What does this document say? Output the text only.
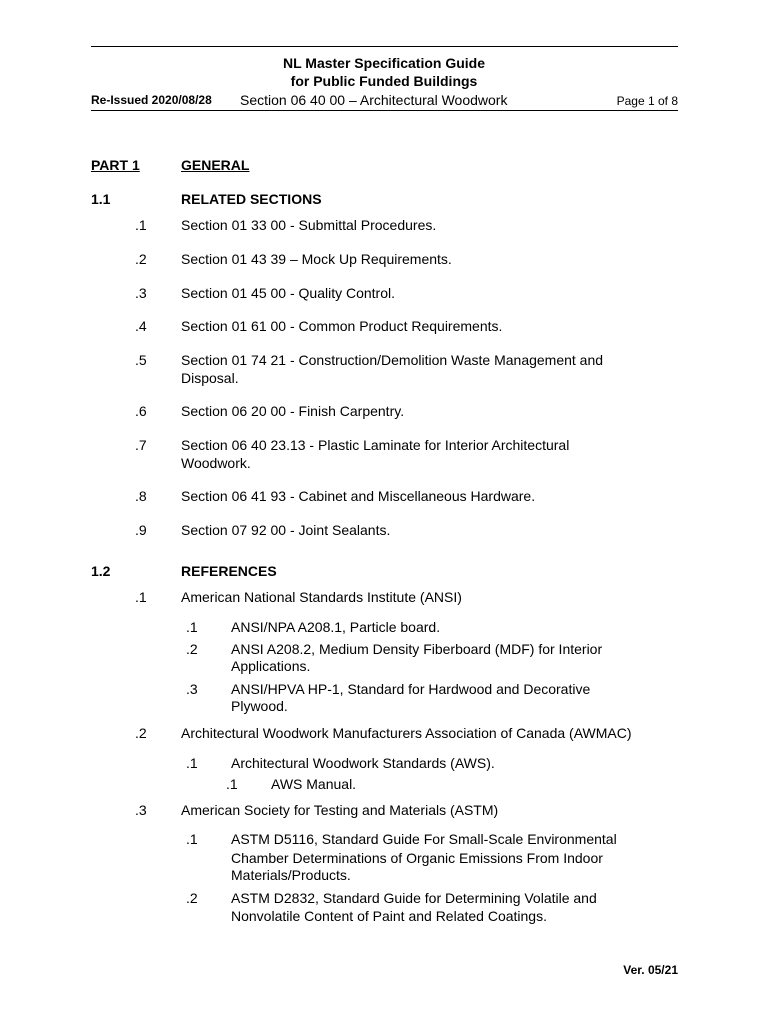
NL Master Specification Guide
for Public Funded Buildings
Re-Issued 2020/08/28 Section 06 40 00 – Architectural Woodwork	Page 1 of 8
PART 1	GENERAL
1.1	RELATED SECTIONS
.1 Section 01 33 00 - Submittal Procedures.
.2 Section 01 43 39 – Mock Up Requirements.
.3 Section 01 45 00 - Quality Control.
.4 Section 01 61 00 - Common Product Requirements.
.5 Section 01 74 21 - Construction/Demolition Waste Management and
Disposal.
.6 Section 06 20 00 - Finish Carpentry.
.7 Section 06 40 23.13 - Plastic Laminate for Interior Architectural
Woodwork.
.8 Section 06 41 93 - Cabinet and Miscellaneous Hardware.
.9 Section 07 92 00 - Joint Sealants.
1.2	REFERENCES
.1 American National Standards Institute (ANSI)
.1 ANSI/NPA A208.1, Particle board.
.2 ANSI A208.2, Medium Density Fiberboard (MDF) for Interior
Applications.
.3 ANSI/HPVA HP-1, Standard for Hardwood and Decorative
Plywood.
.2 Architectural Woodwork Manufacturers Association of Canada (AWMAC)
.1 Architectural Woodwork Standards (AWS).
.1 AWS Manual.
.3 American Society for Testing and Materials (ASTM)
.1 ASTM D5116, Standard Guide For Small-Scale Environmental
Chamber Determinations of Organic Emissions From Indoor
Materials/Products.
.2 ASTM D2832, Standard Guide for Determining Volatile and
Nonvolatile Content of Paint and Related Coatings.
Ver. 05/21
